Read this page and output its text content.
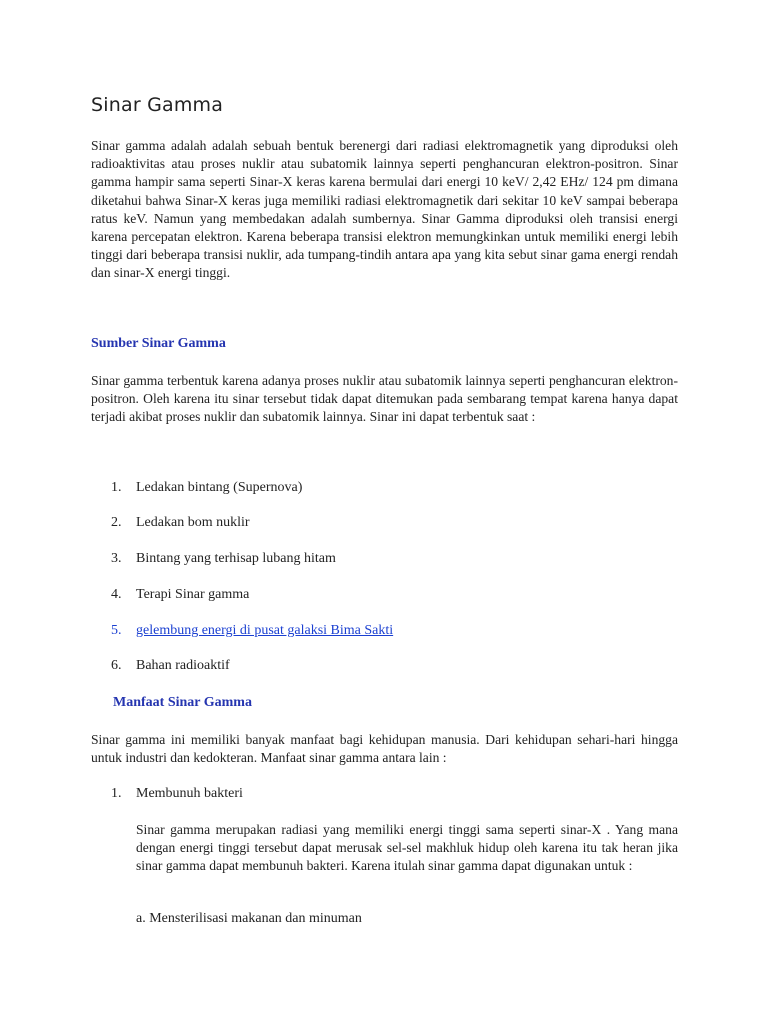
Sinar Gamma

Sinar gamma adalah adalah sebuah bentuk berenergi dari radiasi elektromagnetik yang diproduksi oleh radioaktivitas atau proses nuklir atau subatomik lainnya seperti penghancuran elektron-positron. Sinar gamma hampir sama seperti Sinar-X keras karena bermulai dari energi 10 keV/ 2,42 EHz/ 124 pm dimana diketahui bahwa Sinar-X keras juga memiliki radiasi elektromagnetik dari sekitar 10 keV sampai beberapa ratus keV. Namun yang membedakan adalah sumbernya. Sinar Gamma diproduksi oleh transisi energi karena percepatan elektron. Karena beberapa transisi elektron memungkinkan untuk memiliki energi lebih tinggi dari beberapa transisi nuklir, ada tumpang-tindih antara apa yang kita sebut sinar gama energi rendah dan sinar-X energi tinggi.

Sumber Sinar Gamma

Sinar gamma terbentuk karena adanya proses nuklir atau subatomik lainnya seperti penghancuran elektron-positron. Oleh karena itu sinar tersebut tidak dapat ditemukan pada sembarang tempat karena hanya dapat terjadi akibat proses nuklir dan subatomik lainnya. Sinar ini dapat terbentuk saat :

1. Ledakan bintang (Supernova)
2. Ledakan bom nuklir
3. Bintang yang terhisap lubang hitam
4. Terapi Sinar gamma
5. gelembung energi di pusat galaksi Bima Sakti
6. Bahan radioaktif
Manfaat Sinar Gamma

Sinar gamma ini memiliki banyak manfaat bagi kehidupan manusia. Dari kehidupan sehari-hari hingga untuk industri dan kedokteran. Manfaat sinar gamma antara lain :

1. Membunuh bakteri

Sinar gamma merupakan radiasi yang memiliki energi tinggi sama seperti sinar-X . Yang mana dengan energi tinggi tersebut dapat merusak sel-sel makhluk hidup oleh karena itu tak heran jika sinar gamma dapat membunuh bakteri. Karena itulah sinar gamma dapat digunakan untuk :

a. Mensterilisasi makanan dan minuman
